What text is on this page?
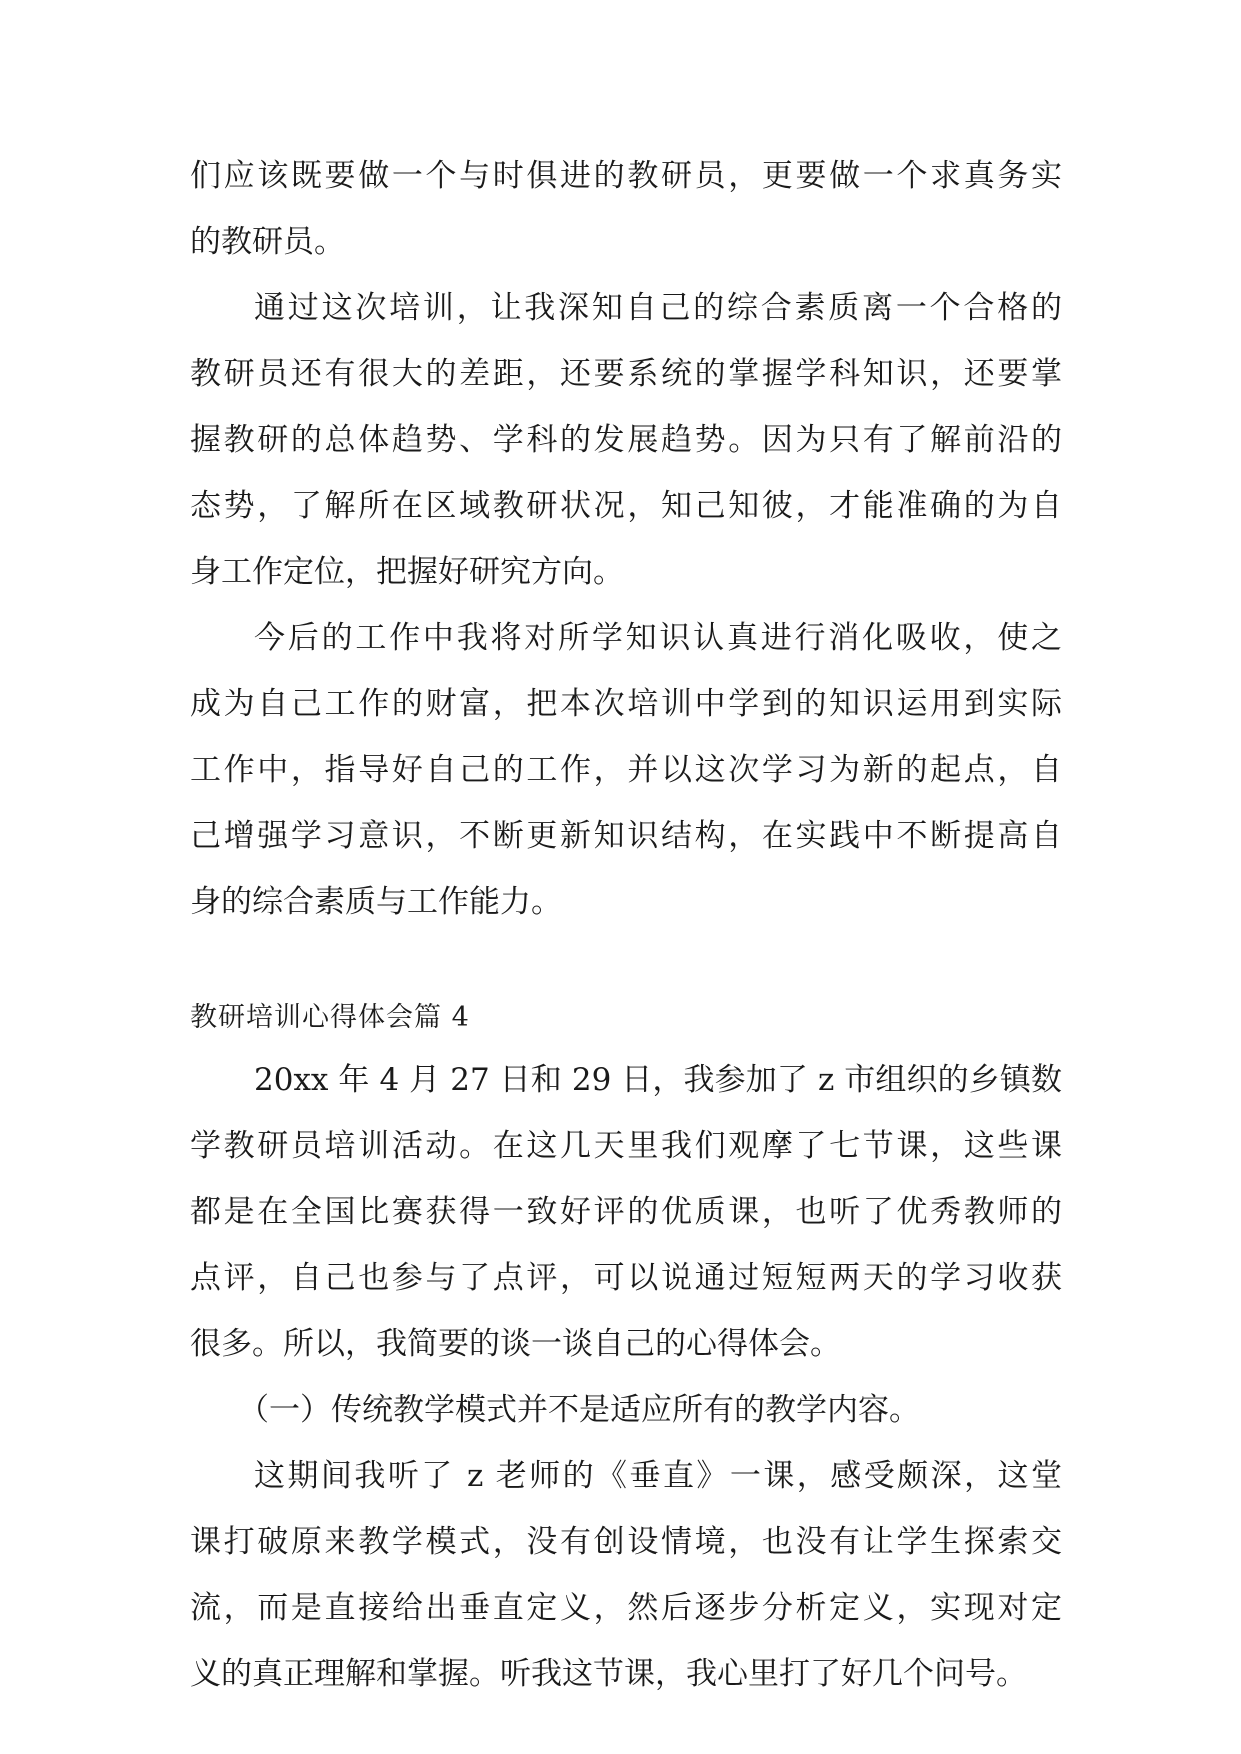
们应该既要做一个与时俱进的教研员，更要做一个求真务实
的教研员。
通过这次培训，让我深知自己的综合素质离一个合格的
教研员还有很大的差距，还要系统的掌握学科知识，还要掌
握教研的总体趋势、学科的发展趋势。因为只有了解前沿的
态势，了解所在区域教研状况，知己知彼，才能准确的为自
身工作定位，把握好研究方向。
今后的工作中我将对所学知识认真进行消化吸收，使之
成为自己工作的财富，把本次培训中学到的知识运用到实际
工作中，指导好自己的工作，并以这次学习为新的起点，自
己增强学习意识，不断更新知识结构，在实践中不断提高自
身的综合素质与工作能力。
教研培训心得体会篇 4
20xx 年 4 月 27 日和 29 日，我参加了 z 市组织的乡镇数
学教研员培训活动。在这几天里我们观摩了七节课，这些课
都是在全国比赛获得一致好评的优质课，也听了优秀教师的
点评，自己也参与了点评，可以说通过短短两天的学习收获
很多。所以，我简要的谈一谈自己的心得体会。
（一）传统教学模式并不是适应所有的教学内容。
这期间我听了 z 老师的《垂直》一课，感受颇深，这堂
课打破原来教学模式，没有创设情境，也没有让学生探索交
流，而是直接给出垂直定义，然后逐步分析定义，实现对定
义的真正理解和掌握。听我这节课，我心里打了好几个问号。
